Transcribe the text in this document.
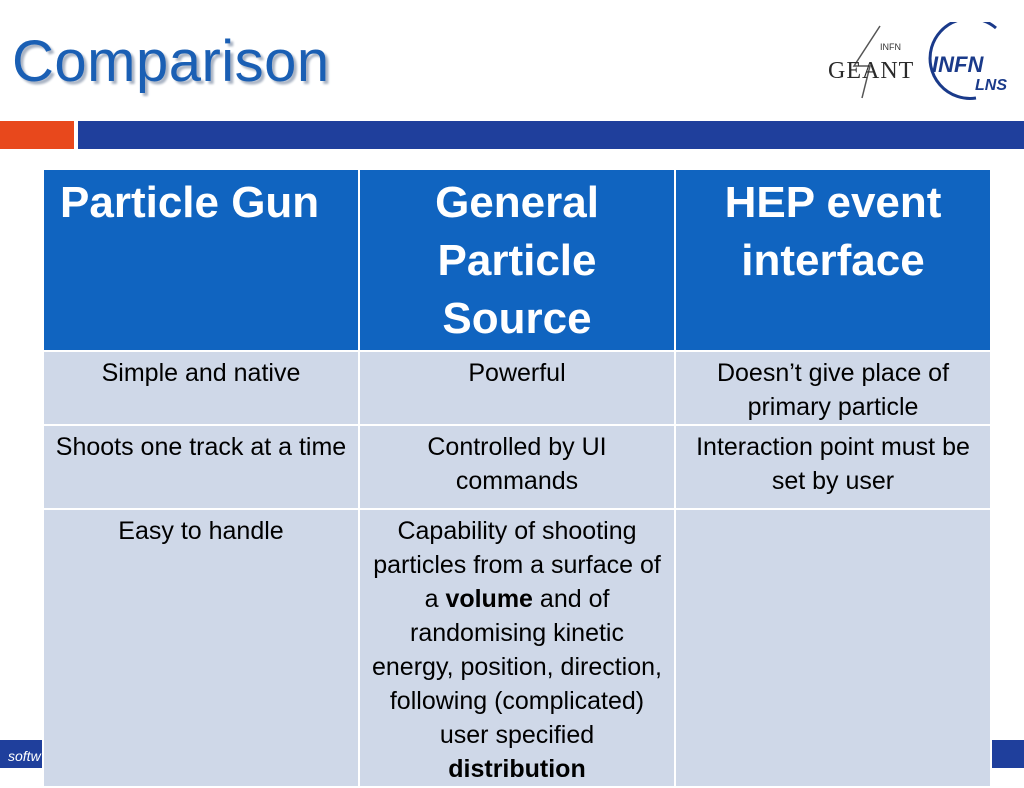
Comparison	INFN
GEANT INFN
LNS
softw
Particle Gun	General Particle Source	HEP event interface
Simple and native	Powerful	Doesn’t give place of primary particle
Shoots one track at a time	Controlled by UI commands	Interaction point must be set by user
Easy to handle	Capability of shooting particles from a surface of a volume and of randomising kinetic energy, position, direction, following (complicated) user specified distribution	
